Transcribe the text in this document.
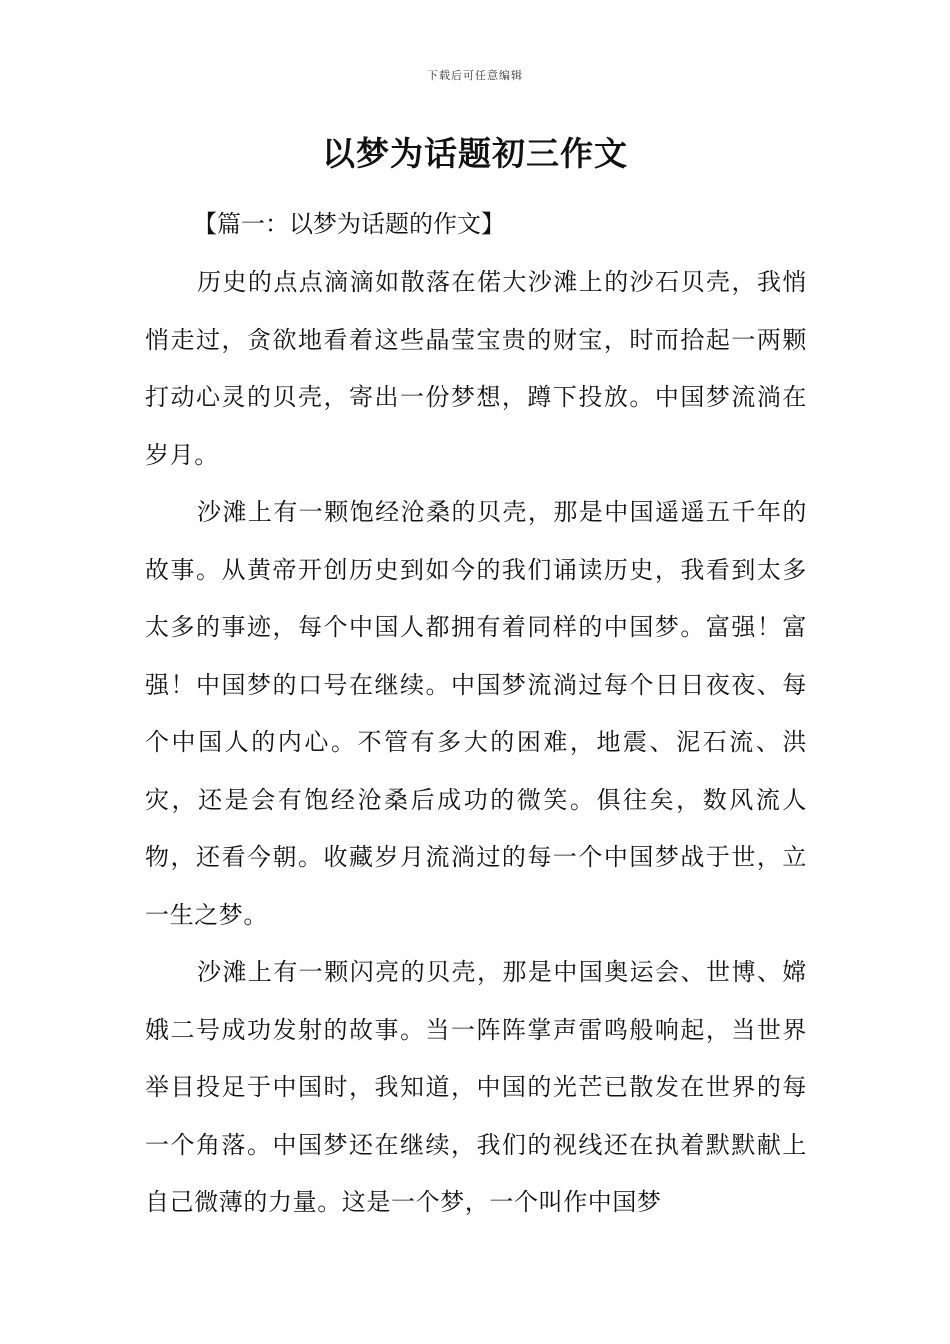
下载后可任意编辑
以梦为话题初三作文

【篇一：以梦为话题的作文】

历史的点点滴滴如散落在偌大沙滩上的沙石贝壳，我悄悄走过，贪欲地看着这些晶莹宝贵的财宝，时而拾起一两颗打动心灵的贝壳，寄出一份梦想，蹲下投放。中国梦流淌在岁月。

沙滩上有一颗饱经沧桑的贝壳，那是中国遥遥五千年的故事。从黄帝开创历史到如今的我们诵读历史，我看到太多太多的事迹，每个中国人都拥有着同样的中国梦。富强！富强！中国梦的口号在继续。中国梦流淌过每个日日夜夜、每个中国人的内心。不管有多大的困难，地震、泥石流、洪灾，还是会有饱经沧桑后成功的微笑。俱往矣，数风流人物，还看今朝。收藏岁月流淌过的每一个中国梦战于世，立一生之梦。

沙滩上有一颗闪亮的贝壳，那是中国奥运会、世博、嫦娥二号成功发射的故事。当一阵阵掌声雷鸣般响起，当世界举目投足于中国时，我知道，中国的光芒已散发在世界的每一个角落。中国梦还在继续，我们的视线还在执着默默献上自己微薄的力量。这是一个梦，一个叫作中国梦
